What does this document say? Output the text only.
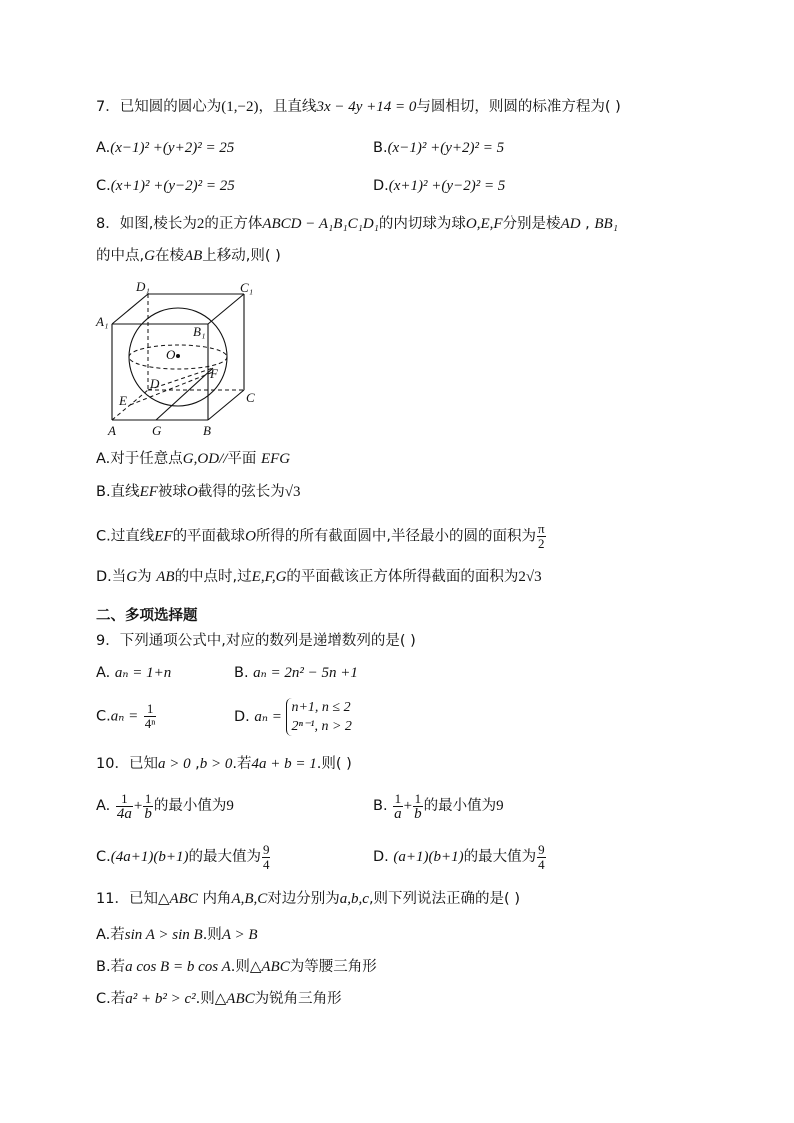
7．已知圆的圆心为(1,−2)，且直线3x − 4y +14 = 0与圆相切，则圆的标准方程为( )
A.(x−1)² +(y+2)² = 25	B.(x−1)² +(y+2)² = 5
C.(x+1)² +(y−2)² = 25	D.(x+1)² +(y−2)² = 5
8．如图,棱长为2的正方体ABCD − A₁B₁C₁D₁的内切球为球O,E,F分别是棱AD , BB₁
的中点,G在棱AB上移动,则( )
D₁	C₁
A₁
B₁
O
D
F
E	C
A	G	B
A.对于任意点G,OD//平面 EFG
B.直线EF被球O截得的弦长为√3
C.过直线EF的平面截球O所得的所有截面圆中,半径最小的圆的面积为 $\frac{\pi}{2}$
D.当G为 AB的中点时,过E,F,G的平面截该正方体所得截面的面积为2√3
二、多项选择题
9．下列通项公式中,对应的数列是递增数列的是( )
A. aₙ = 1+n	B. aₙ = 2n² − 5n +1
$C.a_n = \frac{1}{\text{4ⁿ}}$	D. aₙ =
n+1, n ≤ 2
2ⁿ⁻¹, n > 2
10．已知a > 0 ,b > 0.若4a + b = 1.则( )
A. $\frac{1}{4a} + \frac{1}{b}$ 的最小值为9	B. $\frac{1}{a} + \frac{1}{b}$ 的最小值为9
C.(4a+1)(b+1)的最大值为 $\frac{9}{4}$	D. (a+1)(b+1)的最大值为 $\frac{9}{4}$
11．已知△ABC 内角A,B,C对边分别为a,b,c,则下列说法正确的是( )
A.若sin A > sin B.则A > B
B.若a cos B = b cos A.则△ABC为等腰三角形
C.若a² + b² > c².则△ABC为锐角三角形
